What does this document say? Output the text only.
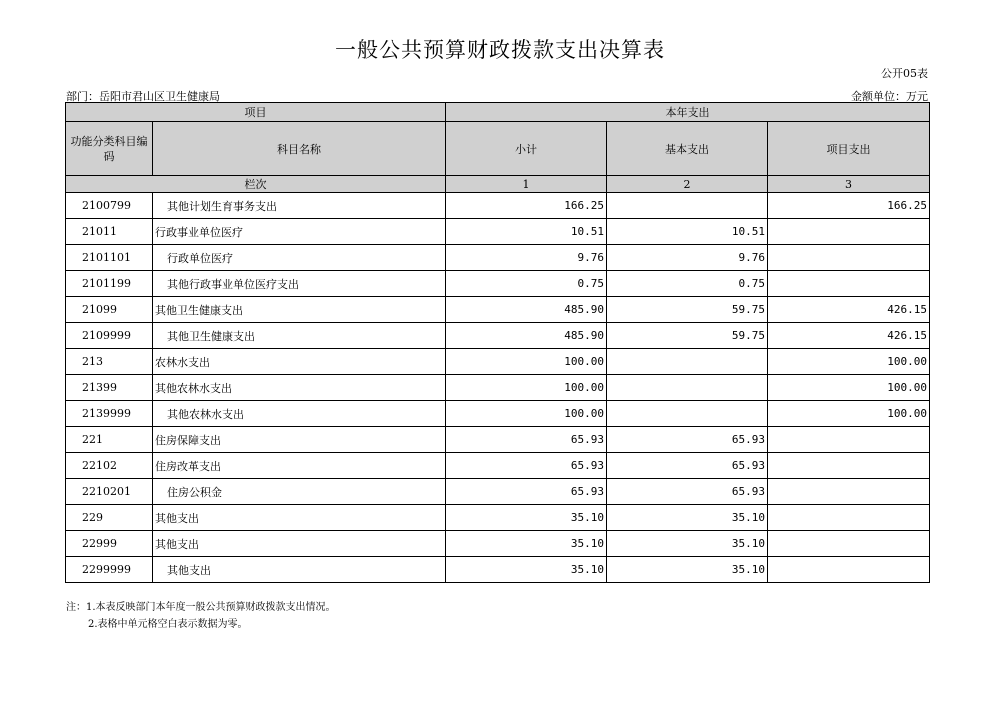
一般公共预算财政拨款支出决算表
公开05表
部门：岳阳市君山区卫生健康局	金额单位：万元
项目		本年支出		
功能分类科目编码	科目名称	小计	基本支出	项目支出
栏次		1	2	3
2100799	其他计划生育事务支出	166.25		166.25
21011	行政事业单位医疗	10.51	10.51	
2101101	行政单位医疗	9.76	9.76	
2101199	其他行政事业单位医疗支出	0.75	0.75	
21099	其他卫生健康支出	485.90	59.75	426.15
2109999	其他卫生健康支出	485.90	59.75	426.15
213	农林水支出	100.00		100.00
21399	其他农林水支出	100.00		100.00
2139999	其他农林水支出	100.00		100.00
221	住房保障支出	65.93	65.93	
22102	住房改革支出	65.93	65.93	
2210201	住房公积金	65.93	65.93	
229	其他支出	35.10	35.10	
22999	其他支出	35.10	35.10	
2299999	其他支出	35.10	35.10	
注：1.本表反映部门本年度一般公共预算财政拨款支出情况。
2.表格中单元格空白表示数据为零。
